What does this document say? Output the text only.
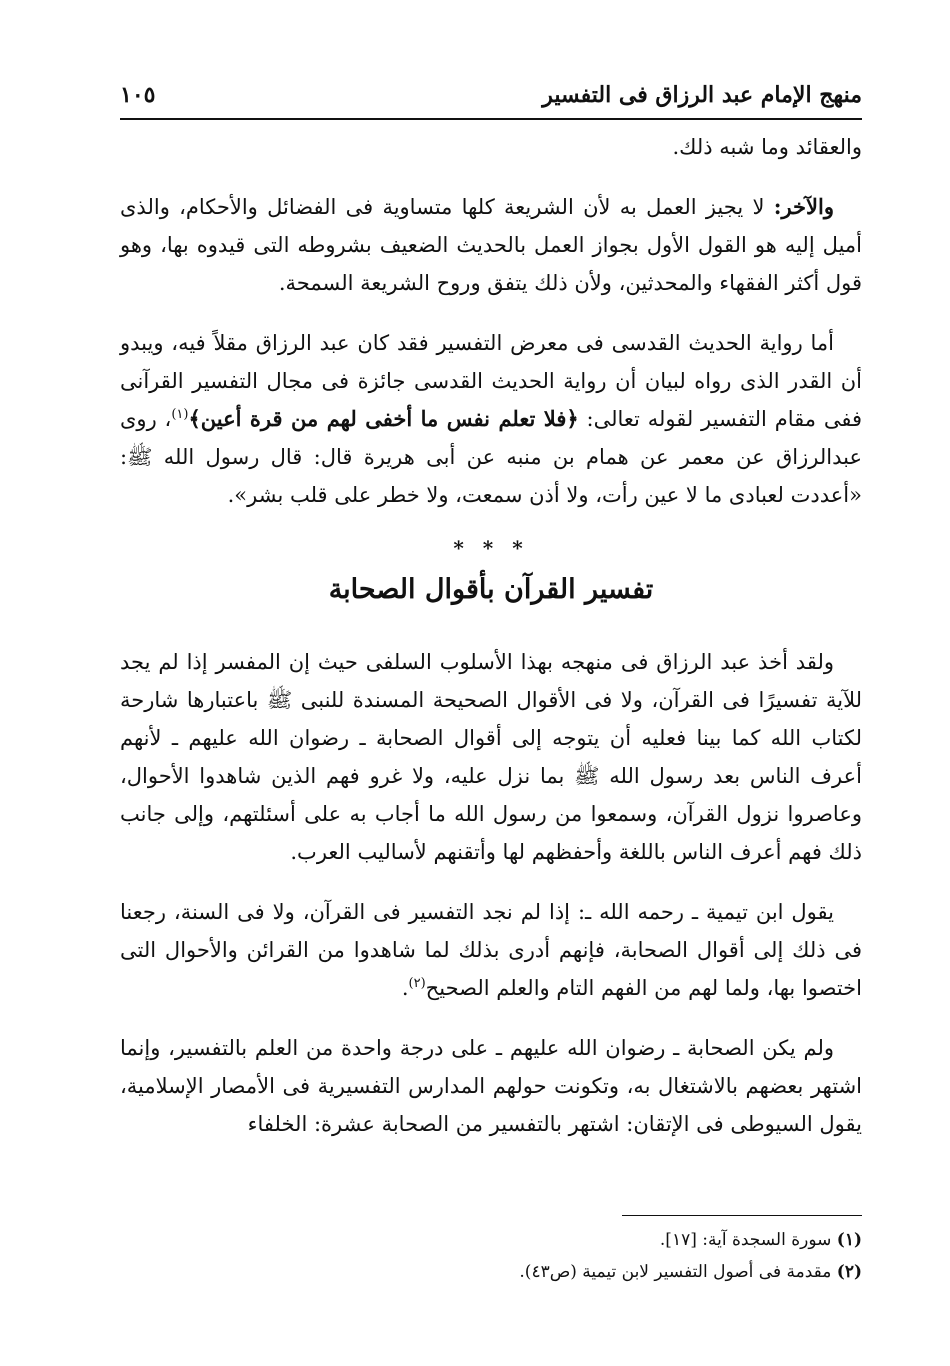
منهج الإمام عبد الرزاق فى التفسير
١٠٥

والعقائد وما شبه ذلك.

والآخر: لا يجيز العمل به لأن الشريعة كلها متساوية فى الفضائل والأحكام، والذى أميل إليه هو القول الأول بجواز العمل بالحديث الضعيف بشروطه التى قيدوه بها، وهو قول أكثر الفقهاء والمحدثين، ولأن ذلك يتفق وروح الشريعة السمحة.

أما رواية الحديث القدسى فى معرض التفسير فقد كان عبد الرزاق مقلاً فيه، ويبدو أن القدر الذى رواه لبيان أن رواية الحديث القدسى جائزة فى مجال التفسير القرآنى ففى مقام التفسير لقوله تعالى: ﴿فلا تعلم نفس ما أخفى لهم من قرة أعين﴾$^{(١)}$، روى عبدالرزاق عن معمر عن همام بن منبه عن أبى هريرة قال: قال رسول الله ﷺ: «أعددت لعبادى ما لا عين رأت، ولا أذن سمعت، ولا خطر على قلب بشر».

* * *
تفسير القرآن بأقوال الصحابة

ولقد أخذ عبد الرزاق فى منهجه بهذا الأسلوب السلفى حيث إن المفسر إذا لم يجد للآية تفسيرًا فى القرآن، ولا فى الأقوال الصحيحة المسندة للنبى ﷺ باعتبارها شارحة لكتاب الله كما بينا فعليه أن يتوجه إلى أقوال الصحابة ـ رضوان الله عليهم ـ لأنهم أعرف الناس بعد رسول الله ﷺ بما نزل عليه، ولا غرو فهم الذين شاهدوا الأحوال، وعاصروا نزول القرآن، وسمعوا من رسول الله ما أجاب به على أسئلتهم، وإلى جانب ذلك فهم أعرف الناس باللغة وأحفظهم لها وأتقنهم لأساليب العرب.

يقول ابن تيمية ـ رحمه الله ـ: إذا لم نجد التفسير فى القرآن، ولا فى السنة، رجعنا فى ذلك إلى أقوال الصحابة، فإنهم أدرى بذلك لما شاهدوا من القرائن والأحوال التى اختصوا بها، ولما لهم من الفهم التام والعلم الصحيح$^{(٢)}$.

ولم يكن الصحابة ـ رضوان الله عليهم ـ على درجة واحدة من العلم بالتفسير، وإنما اشتهر بعضهم بالاشتغال به، وتكونت حولهم المدارس التفسيرية فى الأمصار الإسلامية، يقول السيوطى فى الإتقان: اشتهر بالتفسير من الصحابة عشرة: الخلفاء

(١) سورة السجدة آية: [١٧].

(٢) مقدمة فى أصول التفسير لابن تيمية (ص٤٣).
